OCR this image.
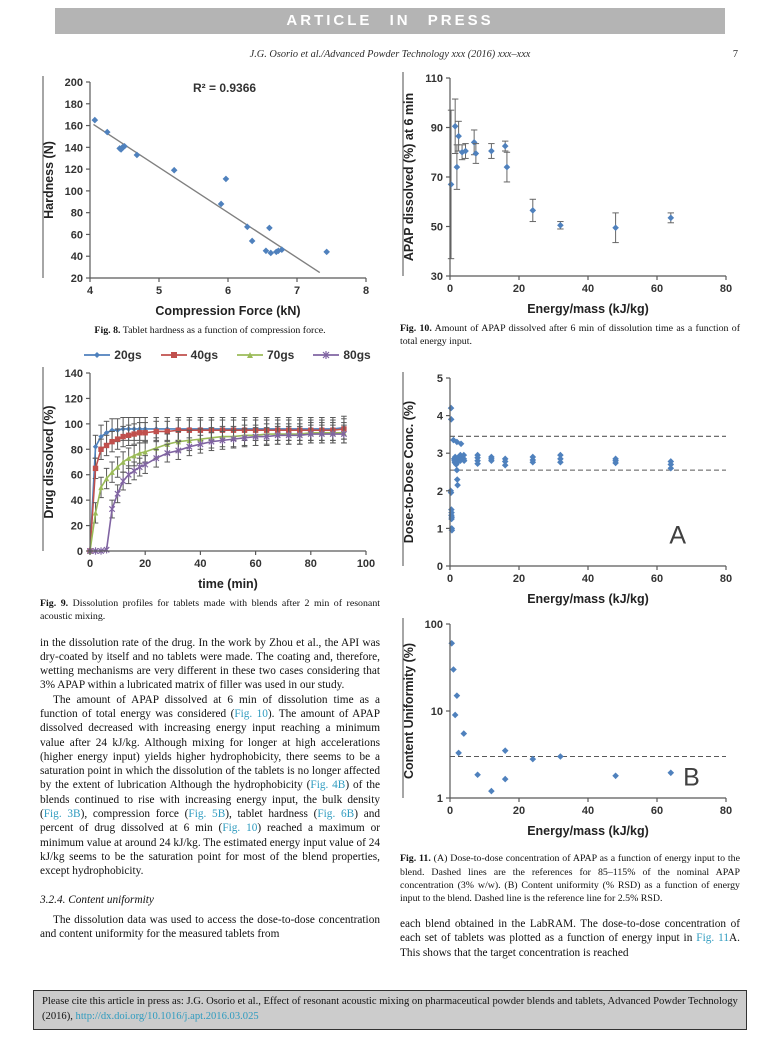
ARTICLE IN PRESS
J.G. Osorio et al./Advanced Powder Technology xxx (2016) xxx–xxx	7
4	5	6	7	8
20
40
60
80
100
120
140
160
180
200
Compression Force (kN)
Hardness (N)
R² = 0.9366
Fig. 8. Tablet hardness as a function of compression force.
20gs	40gs	70gs	80gs
0	20	40	60	80	100
0
20
40
60
80
100
120
140
time (min)
Drug dissolved (%)
Fig. 9. Dissolution profiles for tablets made with blends after 2 min of resonant acoustic mixing.

in the dissolution rate of the drug. In the work by Zhou et al., the API was dry-coated by itself and no tablets were made. The coating and, therefore, wetting mechanisms are very different in these two cases considering that 3% APAP within a lubricated matrix of filler was used in our study.

The amount of APAP dissolved at 6 min of dissolution time as a function of total energy was considered (Fig. 10). The amount of APAP dissolved decreased with increasing energy input reaching a minimum value after 24 kJ/kg. Although mixing for longer at high accelerations (higher energy input) yields higher hydrophobicity, there seems to be a saturation point in which the dissolution of the tablets is no longer affected by the extent of lubrication Although the hydrophobicity (Fig. 4B) of the blends continued to rise with increasing energy input, the bulk density (Fig. 3B), compression force (Fig. 5B), tablet hardness (Fig. 6B) and percent of drug dissolved at 6 min (Fig. 10) reached a maximum or minimum value at around 24 kJ/kg. The estimated energy input value of 24 kJ/kg seems to be the saturation point for most of the blend properties, except hydrophobicity.

3.2.4. Content uniformity

The dissolution data was used to access the dose-to-dose concentration and content uniformity for the measured tablets from

0	20	40	60	80
30
50
70
90
110
Energy/mass (kJ/kg)
APAP dissolved (%) at 6 min
Fig. 10. Amount of APAP dissolved after 6 min of dissolution time as a function of total energy input.
0	20	40	60	80
0
1
2
3
4
5
Energy/mass (kJ/kg)
Dose-to-Dose Conc. (%)	A
0	20	40	60	80
1
10
100
Energy/mass (kJ/kg)
Content Uniformity (%)	B
Fig. 11. (A) Dose-to-dose concentration of APAP as a function of energy input to the blend. Dashed lines are the references for 85–115% of the nominal APAP concentration (3% w/w). (B) Content uniformity (% RSD) as a function of energy input to the blend. Dashed line is the reference line for 2.5% RSD.

each blend obtained in the LabRAM. The dose-to-dose concentration of each set of tablets was plotted as a function of energy input in Fig. 11A. This shows that the target concentration is reached

Please cite this article in press as: J.G. Osorio et al., Effect of resonant acoustic mixing on pharmaceutical powder blends and tablets, Advanced Powder Technology (2016), http://dx.doi.org/10.1016/j.apt.2016.03.025
